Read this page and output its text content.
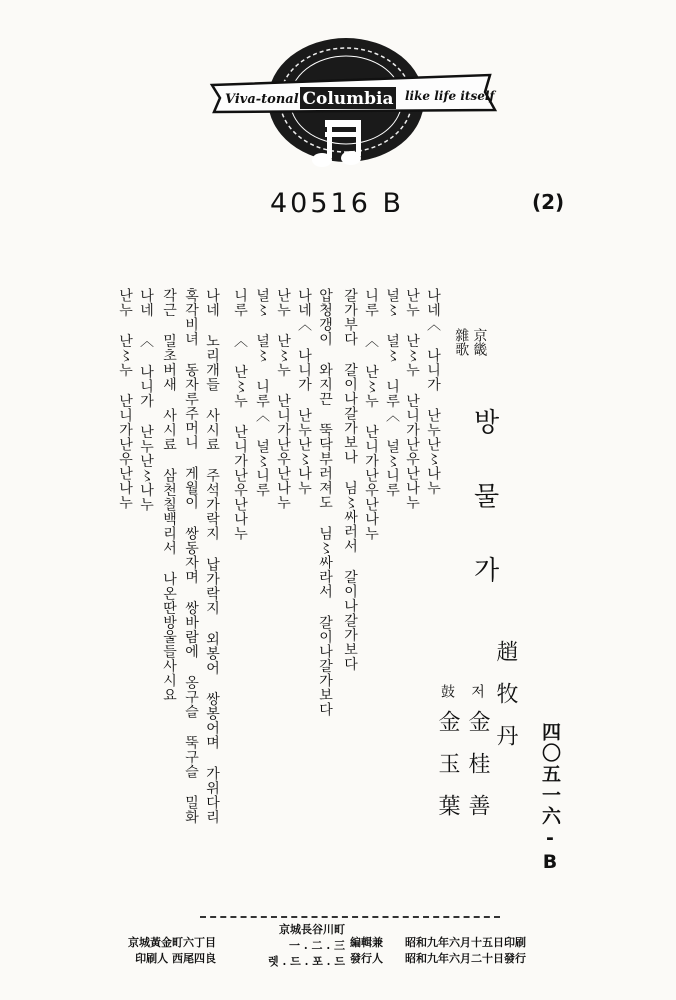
Viva-tonal Columbia like life itself
40516 B	(2)
京畿
雜歌
방물가
趙牧丹
저
金桂善
鼓
金玉葉	四〇五一六-B
나네〈 나니가 난누난〻나누
난누 난〻누 난니가난우난나누
널〻 널〻 니루〈 널〻니루
니루 〈 난〻누 난니가난우난나누
갈가부다 갈이나갈가보나 님〻싸러서 갈이나갈가보다
압청갱이 와지끈 뚝닥부러져도 님〻싸라서 갈이나갈가보다
나네〈 나니가 난누난〻나누
난누 난〻누 난니가난우난나누
널〻 널〻 니루〈 널〻니루
니루 〈 난〻누 난니가난우난나누
나네 노리개들 사시료 주석가락지 납가락지 외봉어 쌍봉어며 가위다리
혹각비녀 동자루주머니 게월이 쌍동자며 쌍바람에 옹구슬 뚝구슬 밀화
각근 밀초버새 사시료 삼천칠백리서 나온딴방울들사시요
나네 〈 나니가 난누난〻나누
난누 난〻누 난니가난우난나누
昭和九年六月十五日印刷
昭和九年六月二十日發行
編輯兼
發行人
京城長谷川町
一 . 二 . 三
렛 . 드 . 포 . 드
京城黃金町六丁目
印刷人 西尾四良
